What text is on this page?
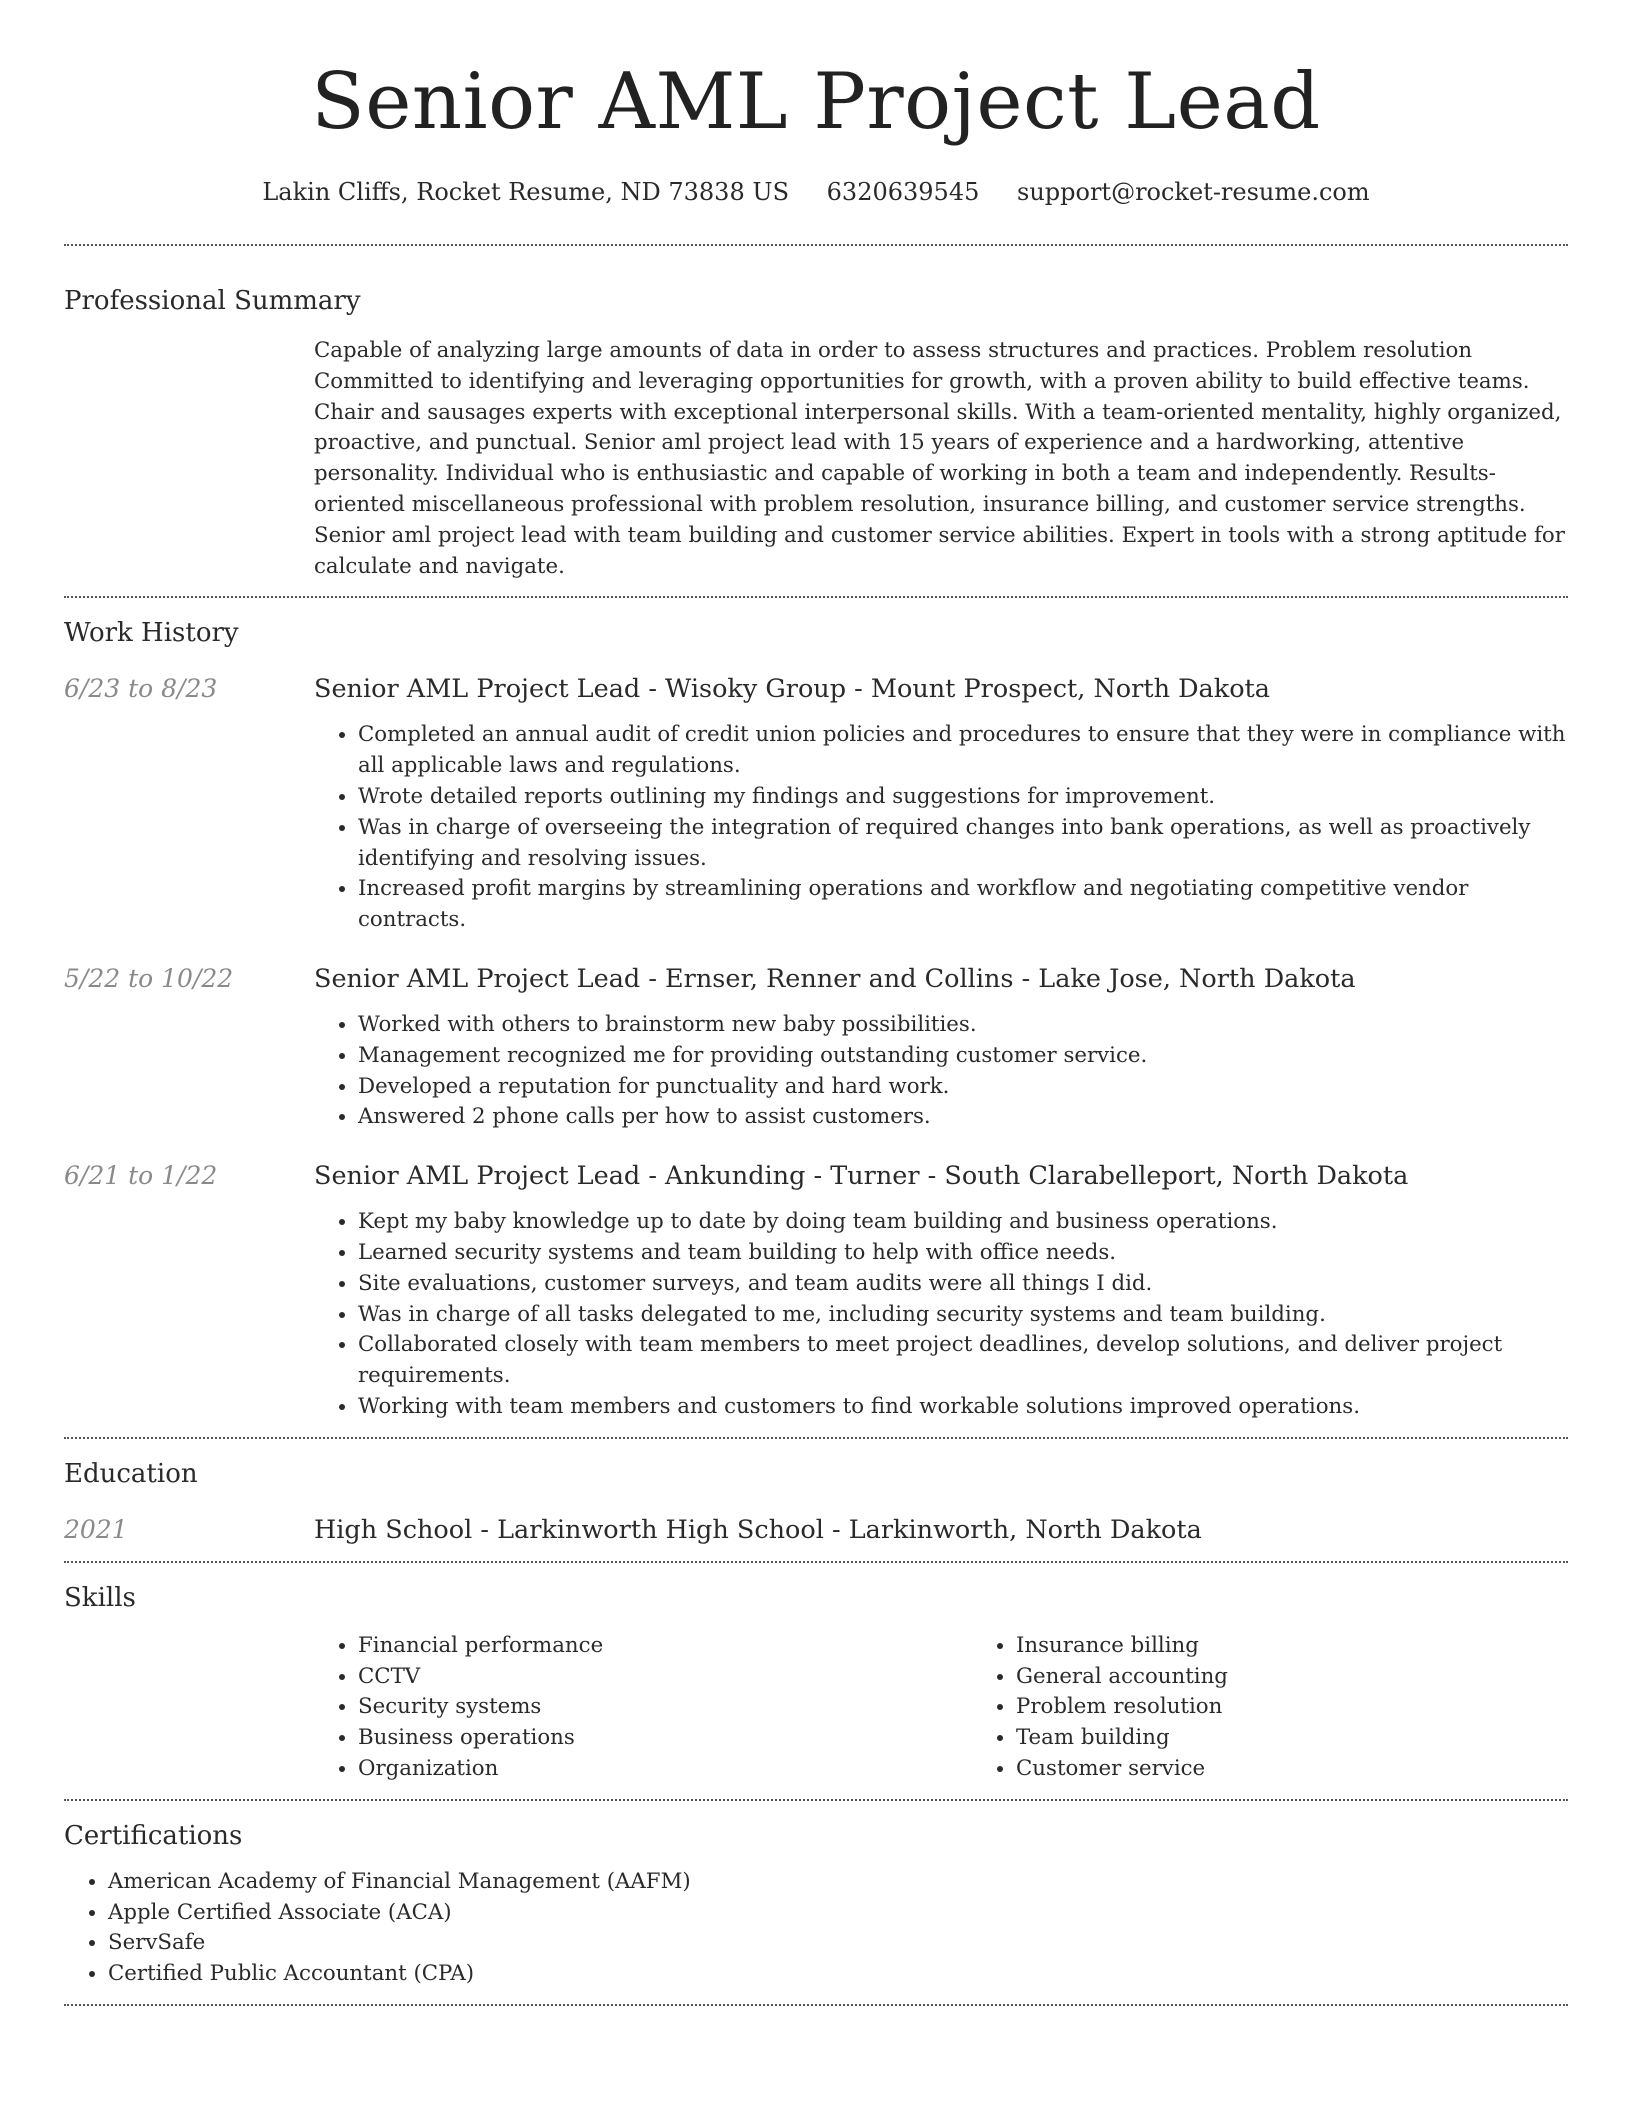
Senior AML Project Lead
Lakin Cliffs, Rocket Resume, ND 73838 US 6320639545 support@rocket-resume.com
Professional Summary

Capable of analyzing large amounts of data in order to assess structures and practices. Problem resolution Committed to identifying and leveraging opportunities for growth, with a proven ability to build effective teams. Chair and sausages experts with exceptional interpersonal skills. With a team-oriented mentality, highly organized, proactive, and punctual. Senior aml project lead with 15 years of experience and a hardworking, attentive personality. Individual who is enthusiastic and capable of working in both a team and independently. Results-oriented miscellaneous professional with problem resolution, insurance billing, and customer service strengths. Senior aml project lead with team building and customer service abilities. Expert in tools with a strong aptitude for calculate and navigate.

Work History
6/23 to 8/23	Senior AML Project Lead - Wisoky Group - Mount Prospect, North Dakota
• Completed an annual audit of credit union policies and procedures to ensure that they were in compliance with all applicable laws and regulations.
• Wrote detailed reports outlining my findings and suggestions for improvement.
• Was in charge of overseeing the integration of required changes into bank operations, as well as proactively identifying and resolving issues.
• Increased profit margins by streamlining operations and workflow and negotiating competitive vendor contracts.
5/22 to 10/22	Senior AML Project Lead - Ernser, Renner and Collins - Lake Jose, North Dakota
• Worked with others to brainstorm new baby possibilities.
• Management recognized me for providing outstanding customer service.
• Developed a reputation for punctuality and hard work.
• Answered 2 phone calls per how to assist customers.
6/21 to 1/22	Senior AML Project Lead - Ankunding - Turner - South Clarabelleport, North Dakota
• Kept my baby knowledge up to date by doing team building and business operations.
• Learned security systems and team building to help with office needs.
• Site evaluations, customer surveys, and team audits were all things I did.
• Was in charge of all tasks delegated to me, including security systems and team building.
• Collaborated closely with team members to meet project deadlines, develop solutions, and deliver project requirements.
• Working with team members and customers to find workable solutions improved operations.
Education
2021	High School - Larkinworth High School - Larkinworth, North Dakota
Skills
• Financial performance
• CCTV
• Security systems
• Business operations
• Organization
• Insurance billing
• General accounting
• Problem resolution
• Team building
• Customer service
Certifications
• American Academy of Financial Management (AAFM)
• Apple Certified Associate (ACA)
• ServSafe
• Certified Public Accountant (CPA)
